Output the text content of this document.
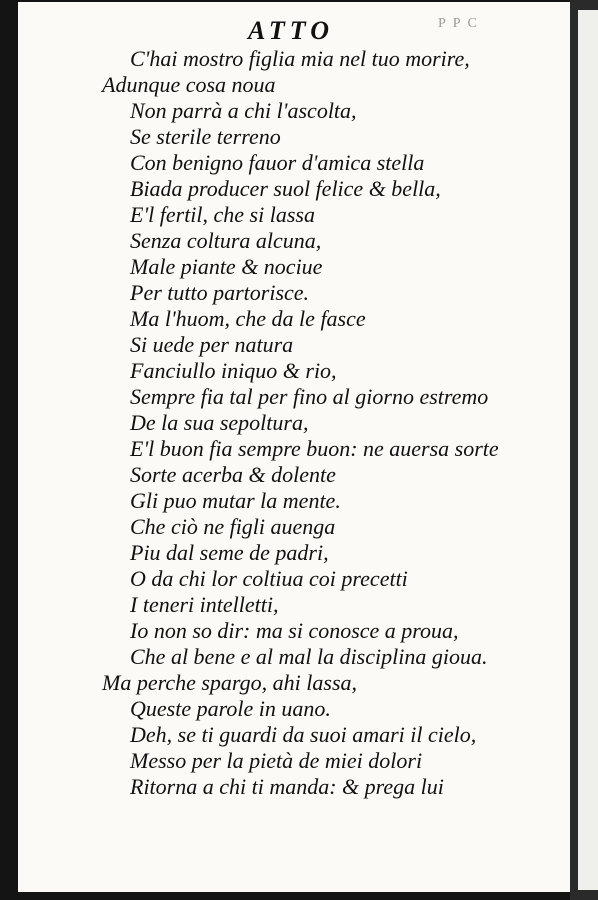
ATTO	P P C
C'hai mostro figlia mia nel tuo morire,
Adunque cosa noua
Non parrà a chi l'ascolta,
Se sterile terreno
Con benigno fauor d'amica stella
Biada producer suol felice & bella,
E'l fertil, che si lassa
Senza coltura alcuna,
Male piante & nociue
Per tutto partorisce.
Ma l'huom, che da le fasce
Si uede per natura
Fanciullo iniquo & rio,
Sempre fia tal per fino al giorno estremo
De la sua sepoltura,
E'l buon fia sempre buon: ne auersa sorte
Sorte acerba & dolente
Gli puo mutar la mente.
Che ciò ne figli auenga
Piu dal seme de padri,
O da chi lor coltiua coi precetti
I teneri intelletti,
Io non so dir: ma si conosce a proua,
Che al bene e al mal la disciplina gioua.
Ma perche spargo, ahi lassa,
Queste parole in uano.
Deh, se ti guardi da suoi amari il cielo,
Messo per la pietà de miei dolori
Ritorna a chi ti manda: & prega lui
